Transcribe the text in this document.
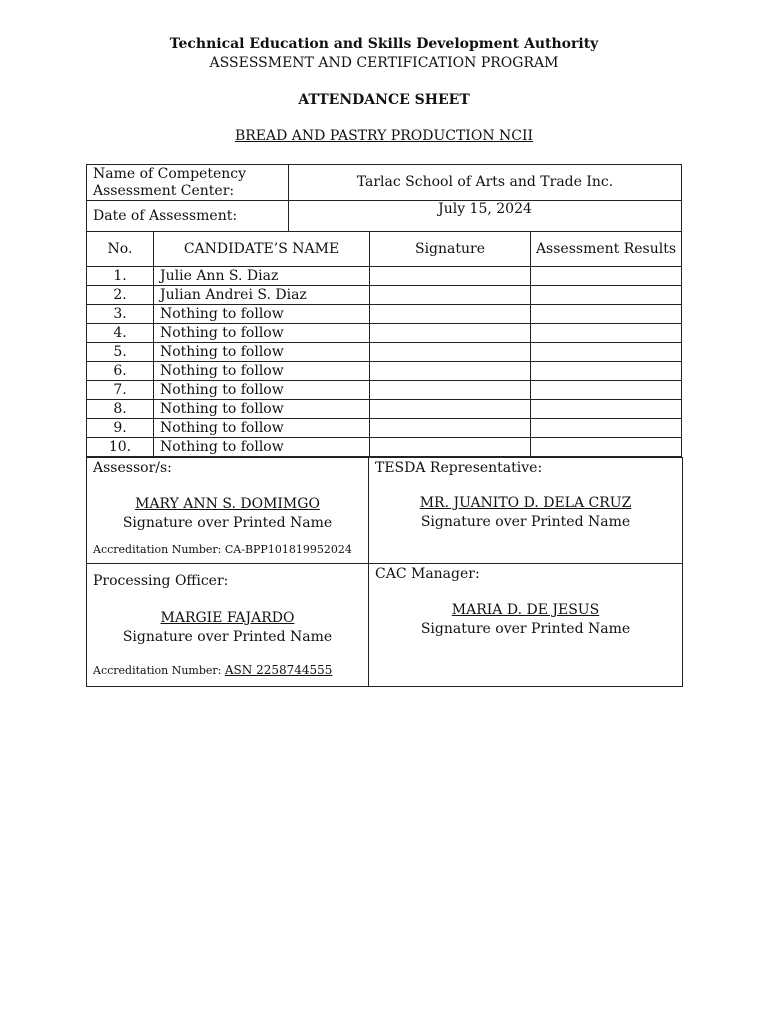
Technical Education and Skills Development Authority
ASSESSMENT AND CERTIFICATION PROGRAM
ATTENDANCE SHEET
BREAD AND PASTRY PRODUCTION NCII
Name of Competency Assessment Center:	Tarlac School of Arts and Trade Inc.
Date of Assessment:	July 15, 2024
No.	CANDIDATE’S NAME	Signature	Assessment Results
1.	Julie Ann S. Diaz		
2.	Julian Andrei S. Diaz		
3.	Nothing to follow		
4.	Nothing to follow		
5.	Nothing to follow		
6.	Nothing to follow		
7.	Nothing to follow		
8.	Nothing to follow		
9.	Nothing to follow		
10.	Nothing to follow		
Assessor/s:
MARY ANN S. DOMIMGO
Signature over Printed Name
Accreditation Number: CA-BPP101819952024	TESDA Representative:
MR. JUANITO D. DELA CRUZ
Signature over Printed Name

Processing Officer:
MARGIE FAJARDO
Signature over Printed Name
Accreditation Number: ASN 2258744555	CAC Manager:
MARIA D. DE JESUS
Signature over Printed Name
